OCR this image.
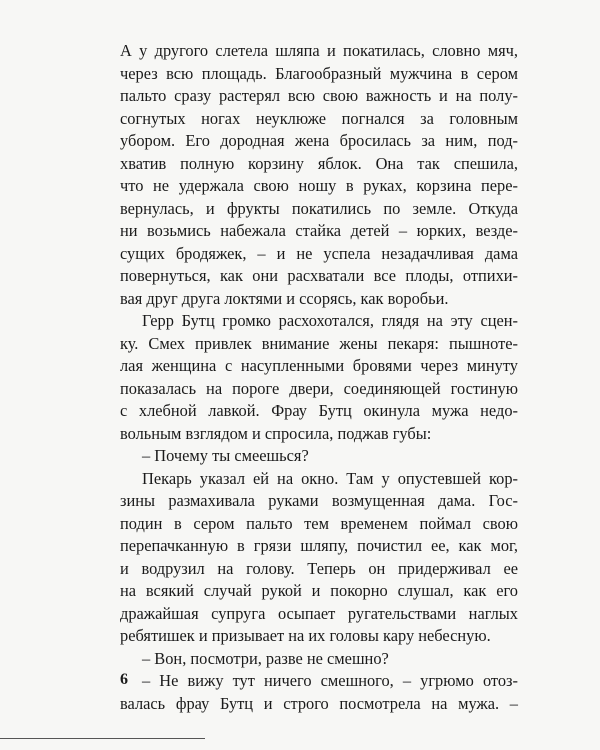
А у другого слетела шляпа и покатилась, словно мяч,
через всю площадь. Благообразный мужчина в сером
пальто сразу растерял всю свою важность и на полу-
согнутых ногах неуклюже погнался за головным
убором. Его дородная жена бросилась за ним, под-
хватив полную корзину яблок. Она так спешила,
что не удержала свою ношу в руках, корзина пере-
вернулась, и фрукты покатились по земле. Откуда
ни возьмись набежала стайка детей – юрких, везде-
сущих бродяжек, – и не успела незадачливая дама
повернуться, как они расхватали все плоды, отпихи-
вая друг друга локтями и ссорясь, как воробьи.
Герр Бутц громко расхохотался, глядя на эту сцен-
ку. Смех привлек внимание жены пекаря: пышноте-
лая женщина с насупленными бровями через минуту
показалась на пороге двери, соединяющей гостиную
с хлебной лавкой. Фрау Бутц окинула мужа недо-
вольным взглядом и спросила, поджав губы:
– Почему ты смеешься?
Пекарь указал ей на окно. Там у опустевшей кор-
зины размахивала руками возмущенная дама. Гос-
подин в сером пальто тем временем поймал свою
перепачканную в грязи шляпу, почистил ее, как мог,
и водрузил на голову. Теперь он придерживал ее
на всякий случай рукой и покорно слушал, как его
дражайшая супруга осыпает ругательствами наглых
ребятишек и призывает на их головы кару небесную.
– Вон, посмотри, разве не смешно?
– Не вижу тут ничего смешного, – угрюмо отоз-
валась фрау Бутц и строго посмотрела на мужа. –
6
